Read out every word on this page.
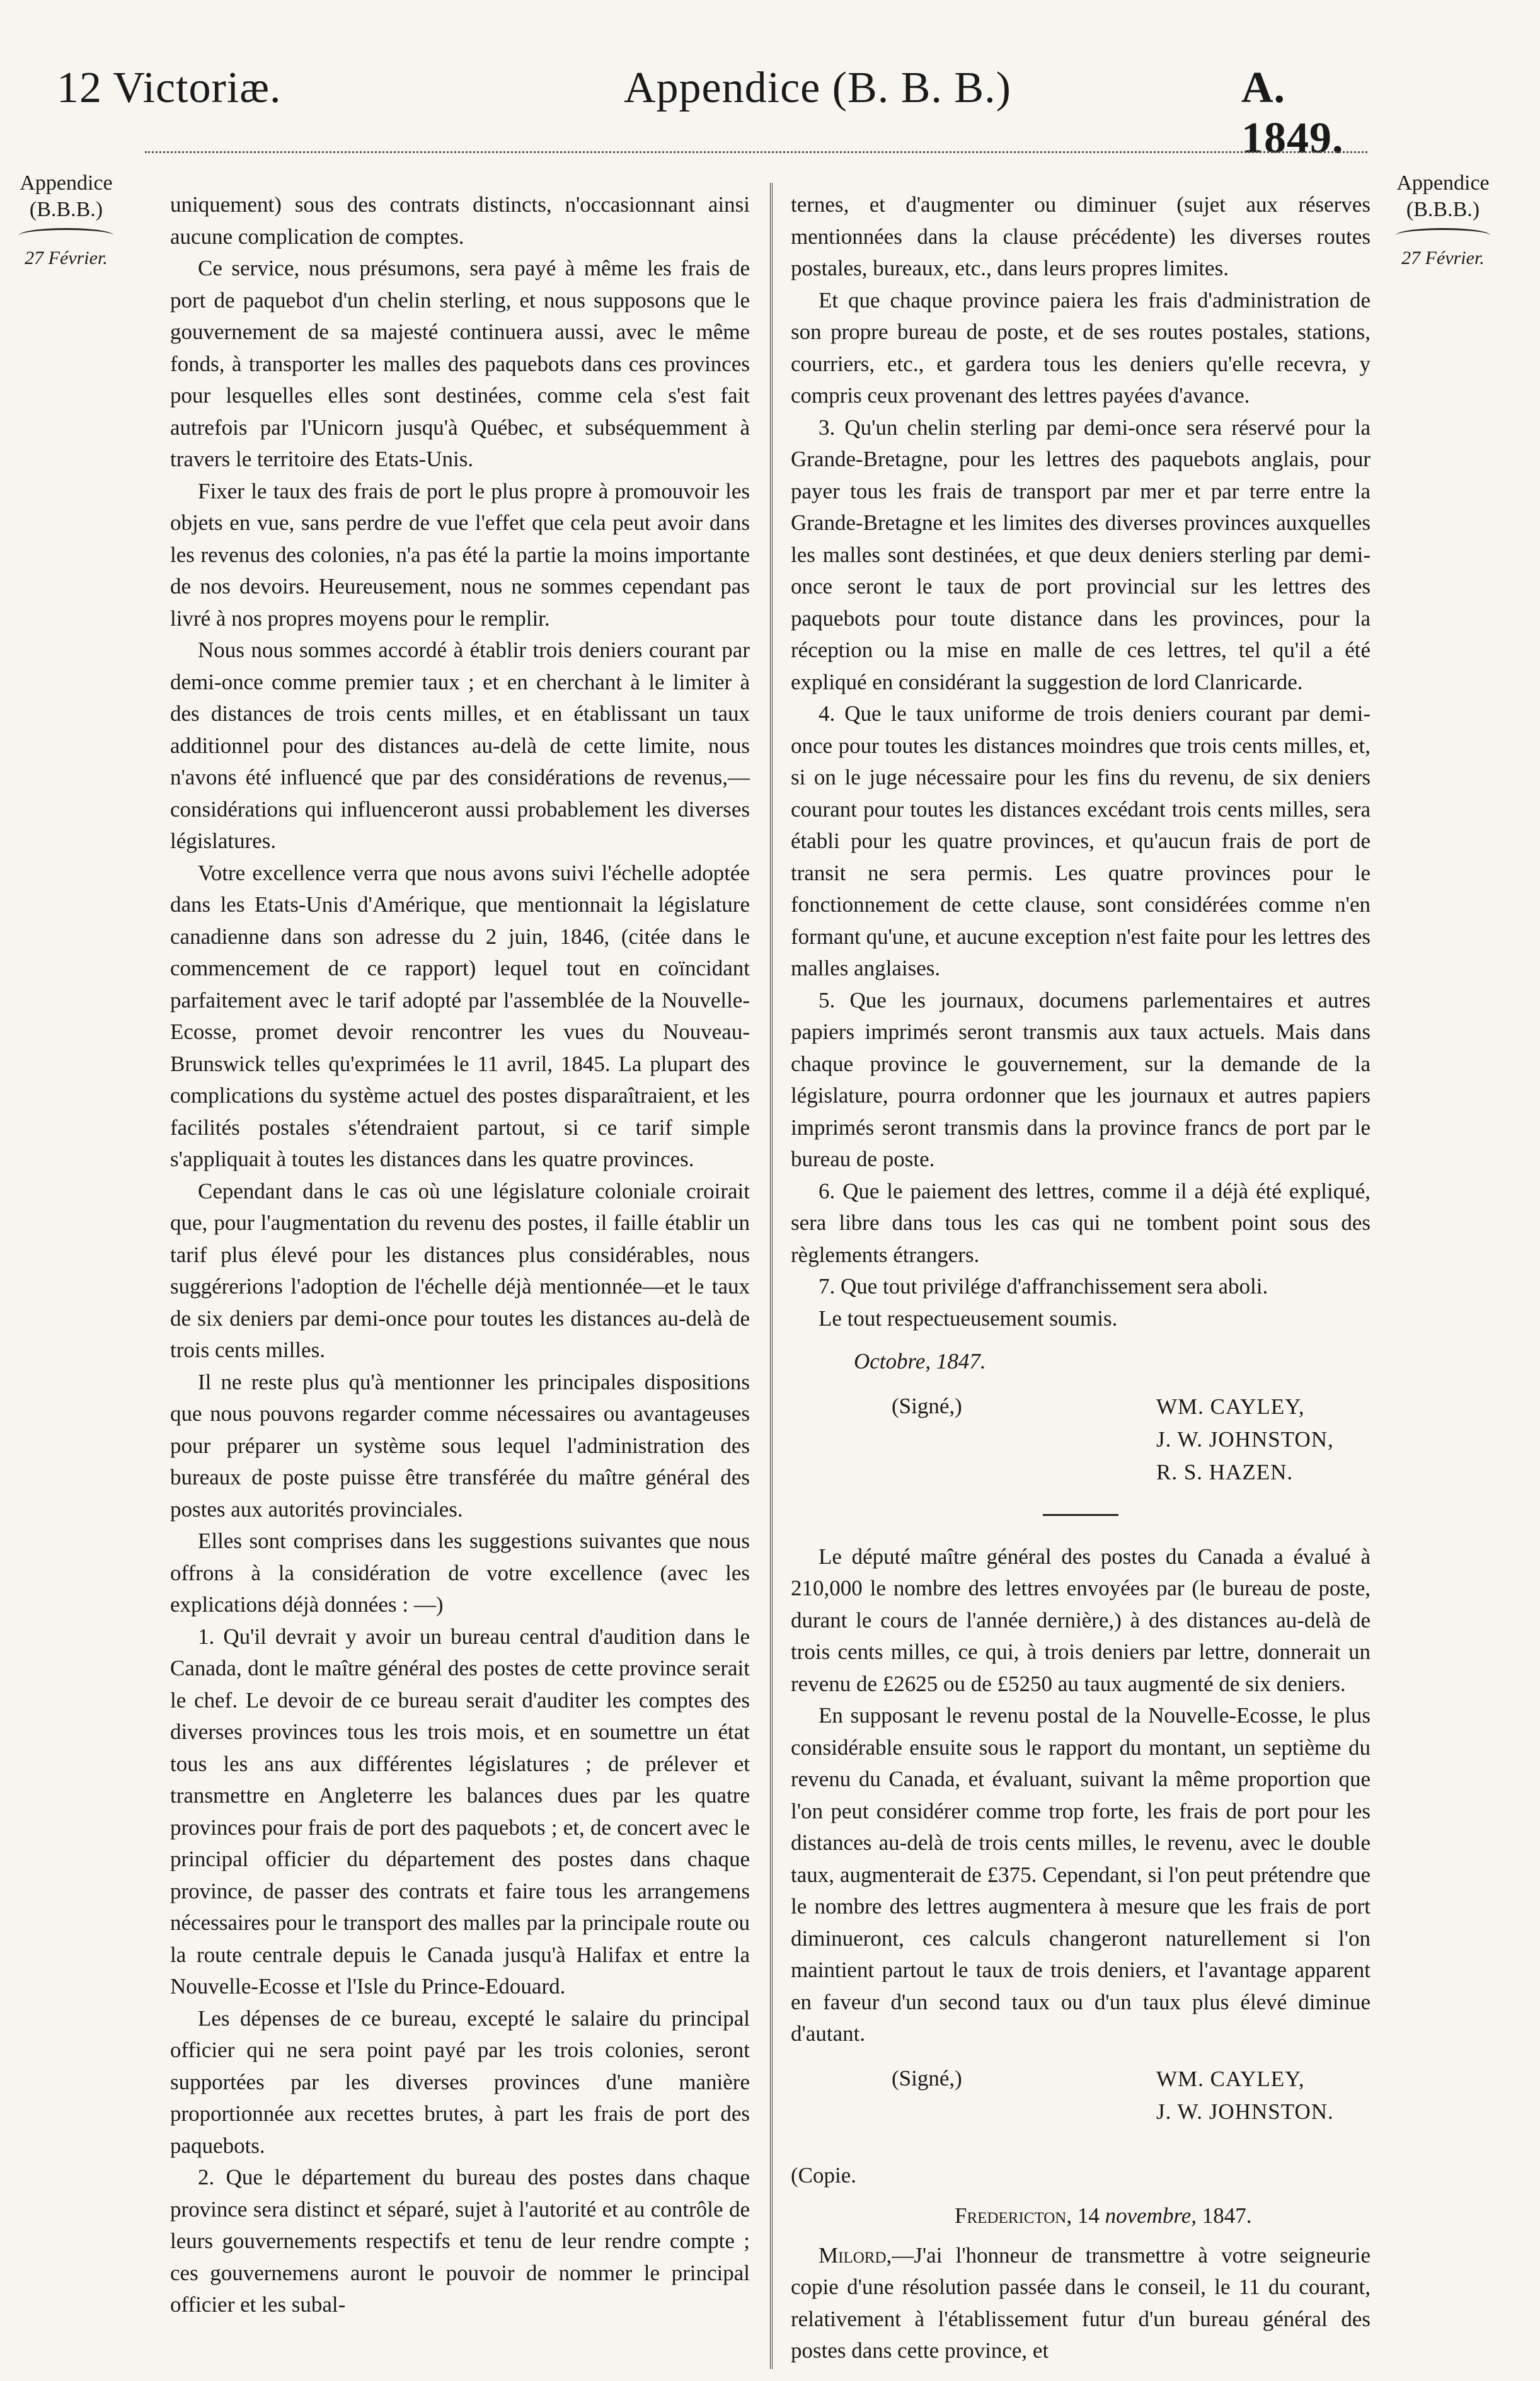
12 Victoriæ.	Appendice (B. B. B.)	A. 1849.
Appendice
(B.B.B.)
27 Février.
Appendice
(B.B.B.)
27 Février.

uniquement) sous des contrats distincts, n'occasionnant ainsi aucune complication de comptes.

Ce service, nous présumons, sera payé à même les frais de port de paquebot d'un chelin sterling, et nous supposons que le gouvernement de sa majesté continuera aussi, avec le même fonds, à transporter les malles des paquebots dans ces provinces pour lesquelles elles sont destinées, comme cela s'est fait autrefois par l'Unicorn jusqu'à Québec, et subséquemment à travers le territoire des Etats-Unis.

Fixer le taux des frais de port le plus propre à promouvoir les objets en vue, sans perdre de vue l'effet que cela peut avoir dans les revenus des colonies, n'a pas été la partie la moins importante de nos devoirs. Heureusement, nous ne sommes cependant pas livré à nos propres moyens pour le remplir.

Nous nous sommes accordé à établir trois deniers courant par demi-once comme premier taux ; et en cherchant à le limiter à des distances de trois cents milles, et en établissant un taux additionnel pour des distances au-delà de cette limite, nous n'avons été influencé que par des considérations de revenus,—considérations qui influenceront aussi probablement les diverses législatures.

Votre excellence verra que nous avons suivi l'échelle adoptée dans les Etats-Unis d'Amérique, que mentionnait la législature canadienne dans son adresse du 2 juin, 1846, (citée dans le commencement de ce rapport) lequel tout en coïncidant parfaitement avec le tarif adopté par l'assemblée de la Nouvelle-Ecosse, promet devoir rencontrer les vues du Nouveau-Brunswick telles qu'exprimées le 11 avril, 1845. La plupart des complications du système actuel des postes disparaîtraient, et les facilités postales s'étendraient partout, si ce tarif simple s'appliquait à toutes les distances dans les quatre provinces.

Cependant dans le cas où une législature coloniale croirait que, pour l'augmentation du revenu des postes, il faille établir un tarif plus élevé pour les distances plus considérables, nous suggérerions l'adoption de l'échelle déjà mentionnée—et le taux de six deniers par demi-once pour toutes les distances au-delà de trois cents milles.

Il ne reste plus qu'à mentionner les principales dispositions que nous pouvons regarder comme nécessaires ou avantageuses pour préparer un système sous lequel l'administration des bureaux de poste puisse être transférée du maître général des postes aux autorités provinciales.

Elles sont comprises dans les suggestions suivantes que nous offrons à la considération de votre excellence (avec les explications déjà données : —)

1. Qu'il devrait y avoir un bureau central d'audition dans le Canada, dont le maître général des postes de cette province serait le chef. Le devoir de ce bureau serait d'auditer les comptes des diverses provinces tous les trois mois, et en soumettre un état tous les ans aux différentes législatures ; de prélever et transmettre en Angleterre les balances dues par les quatre provinces pour frais de port des paquebots ; et, de concert avec le principal officier du département des postes dans chaque province, de passer des contrats et faire tous les arrangemens nécessaires pour le transport des malles par la principale route ou la route centrale depuis le Canada jusqu'à Halifax et entre la Nouvelle-Ecosse et l'Isle du Prince-Edouard.

Les dépenses de ce bureau, excepté le salaire du principal officier qui ne sera point payé par les trois colonies, seront supportées par les diverses provinces d'une manière proportionnée aux recettes brutes, à part les frais de port des paquebots.

2. Que le département du bureau des postes dans chaque province sera distinct et séparé, sujet à l'autorité et au contrôle de leurs gouvernements respectifs et tenu de leur rendre compte ; ces gouvernemens auront le pouvoir de nommer le principal officier et les subal-

ternes, et d'augmenter ou diminuer (sujet aux réserves mentionnées dans la clause précédente) les diverses routes postales, bureaux, etc., dans leurs propres limites.

Et que chaque province paiera les frais d'administration de son propre bureau de poste, et de ses routes postales, stations, courriers, etc., et gardera tous les deniers qu'elle recevra, y compris ceux provenant des lettres payées d'avance.

3. Qu'un chelin sterling par demi-once sera réservé pour la Grande-Bretagne, pour les lettres des paquebots anglais, pour payer tous les frais de transport par mer et par terre entre la Grande-Bretagne et les limites des diverses provinces auxquelles les malles sont destinées, et que deux deniers sterling par demi-once seront le taux de port provincial sur les lettres des paquebots pour toute distance dans les provinces, pour la réception ou la mise en malle de ces lettres, tel qu'il a été expliqué en considérant la suggestion de lord Clanricarde.

4. Que le taux uniforme de trois deniers courant par demi-once pour toutes les distances moindres que trois cents milles, et, si on le juge nécessaire pour les fins du revenu, de six deniers courant pour toutes les distances excédant trois cents milles, sera établi pour les quatre provinces, et qu'aucun frais de port de transit ne sera permis. Les quatre provinces pour le fonctionnement de cette clause, sont considérées comme n'en formant qu'une, et aucune exception n'est faite pour les lettres des malles anglaises.

5. Que les journaux, documens parlementaires et autres papiers imprimés seront transmis aux taux actuels. Mais dans chaque province le gouvernement, sur la demande de la législature, pourra ordonner que les journaux et autres papiers imprimés seront transmis dans la province francs de port par le bureau de poste.

6. Que le paiement des lettres, comme il a déjà été expliqué, sera libre dans tous les cas qui ne tombent point sous des règlements étrangers.

7. Que tout privilége d'affranchissement sera aboli.

Le tout respectueusement soumis.

Octobre, 1847.
(Signé,)	WM. CAYLEY,
J. W. JOHNSTON,
R. S. HAZEN.

Le député maître général des postes du Canada a évalué à 210,000 le nombre des lettres envoyées par (le bureau de poste, durant le cours de l'année dernière,) à des distances au-delà de trois cents milles, ce qui, à trois deniers par lettre, donnerait un revenu de £2625 ou de £5250 au taux augmenté de six deniers.

En supposant le revenu postal de la Nouvelle-Ecosse, le plus considérable ensuite sous le rapport du montant, un septième du revenu du Canada, et évaluant, suivant la même proportion que l'on peut considérer comme trop forte, les frais de port pour les distances au-delà de trois cents milles, le revenu, avec le double taux, augmenterait de £375. Cependant, si l'on peut prétendre que le nombre des lettres augmentera à mesure que les frais de port diminueront, ces calculs changeront naturellement si l'on maintient partout le taux de trois deniers, et l'avantage apparent en faveur d'un second taux ou d'un taux plus élevé diminue d'autant.

(Signé,)	WM. CAYLEY,
J. W. JOHNSTON.
(Copie.
Fredericton, 14 novembre, 1847.

Milord,—J'ai l'honneur de transmettre à votre seigneurie copie d'une résolution passée dans le conseil, le 11 du courant, relativement à l'établissement futur d'un bureau général des postes dans cette province, et
